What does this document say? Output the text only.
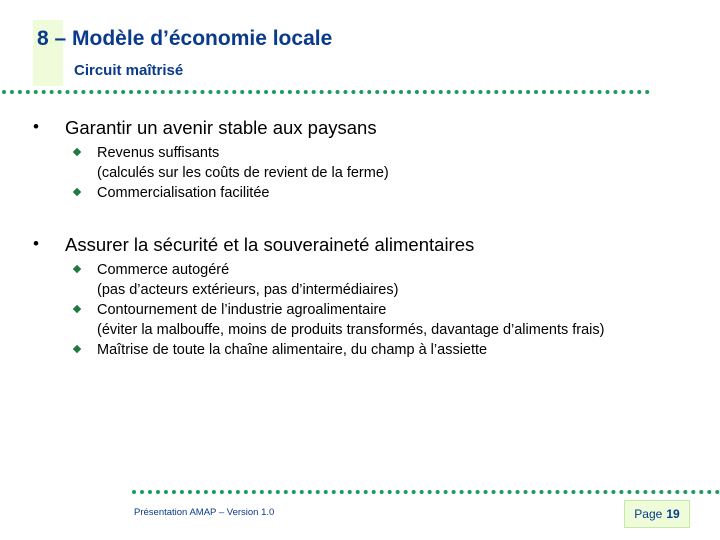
8 – Modèle d’économie locale
Circuit maîtrisé
• Garantir un avenir stable aux paysans
Revenus suffisants
(calculés sur les coûts de revient de la ferme)
Commercialisation facilitée
• Assurer la sécurité et la souveraineté alimentaires
Commerce autogéré
(pas d’acteurs extérieurs, pas d’intermédiaires)
Contournement de l’industrie agroalimentaire
(éviter la malbouffe, moins de produits transformés, davantage d’aliments frais)
Maîtrise de toute la chaîne alimentaire, du champ à l’assiette
Présentation AMAP – Version 1.0	Page 19
